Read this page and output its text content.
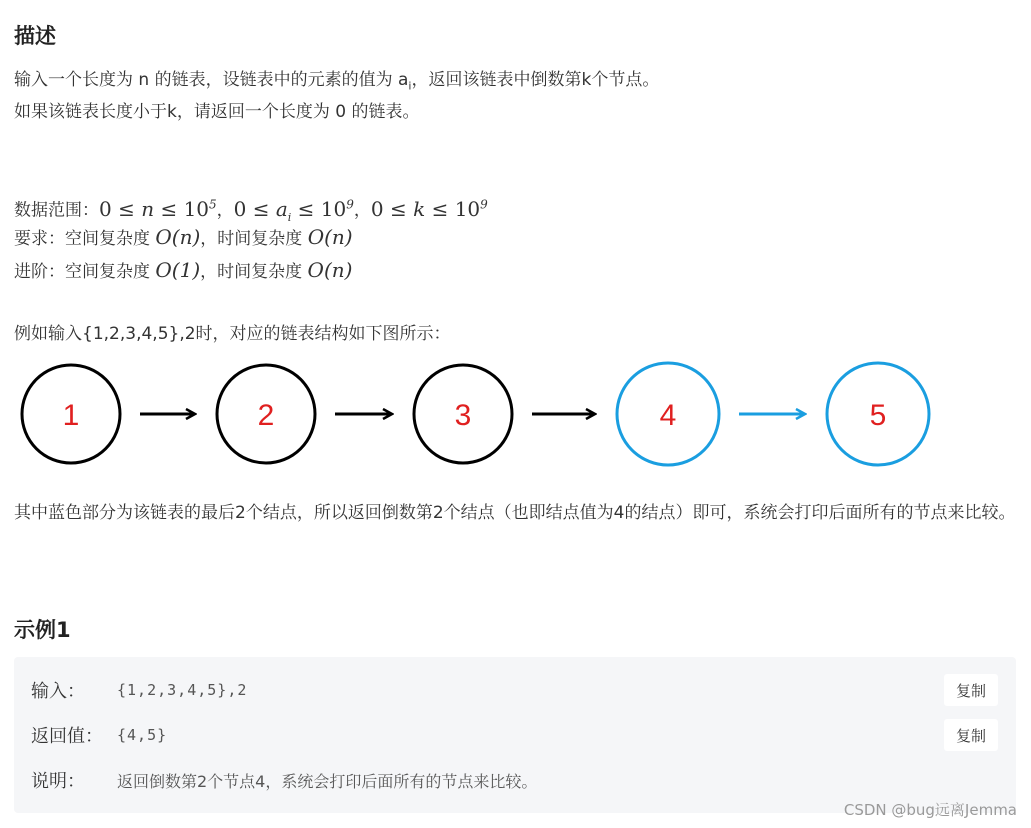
描述

输入一个长度为 n 的链表，设链表中的元素的值为 $a_i$，返回该链表中倒数第k个节点。

如果该链表长度小于k，请返回一个长度为 0 的链表。

数据范围：$0 \le n \le 10^5$，$0 \le a_i \le 10^9$，$0 \le k \le 10^9$

要求：空间复杂度 O(n)，时间复杂度 O(n)

进阶：空间复杂度 O(1)，时间复杂度 O(n)

例如输入{1,2,3,4,5},2时，对应的链表结构如下图所示：

1	2	3	4	5

其中蓝色部分为该链表的最后2个结点，所以返回倒数第2个结点（也即结点值为4的结点）即可，系统会打印后面所有的节点来比较。

示例1
输入：	{1,2,3,4,5},2	复制
返回值： {4,5}	复制
说明：	返回倒数第2个节点4，系统会打印后面所有的节点来比较。
CSDN @bug远离Jemma
